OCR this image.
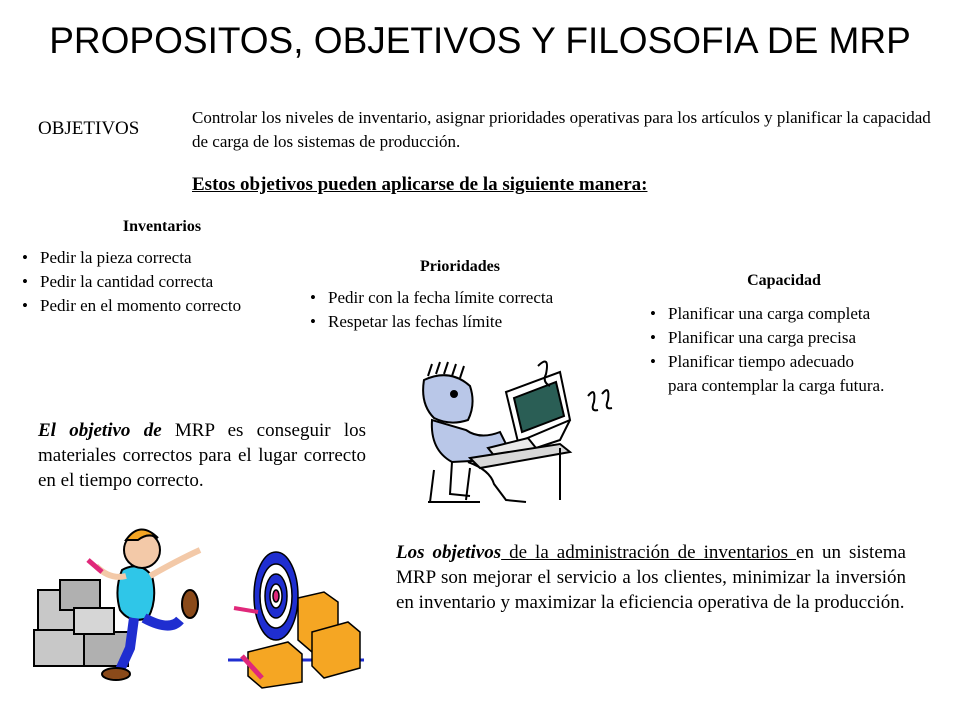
PROPOSITOS, OBJETIVOS Y FILOSOFIA DE MRP
OBJETIVOS
Controlar los niveles de inventario, asignar prioridades operativas para los artículos y planificar la capacidad de carga de los sistemas de producción.
Estos objetivos pueden aplicarse de la siguiente manera:
Inventarios
• Pedir la pieza correcta
• Pedir la cantidad correcta
• Pedir en el momento correcto
Prioridades
• Pedir con la fecha límite correcta
• Respetar las fechas límite
Capacidad
• Planificar una carga completa
• Planificar una carga precisa
• Planificar tiempo adecuado
para contemplar la carga futura.
El objetivo de MRP es conseguir los materiales correctos para el lugar correcto en el tiempo correcto.
Los objetivos de la administración de inventarios en un sistema MRP son mejorar el servicio a los clientes, minimizar la inversión en inventario y maximizar la eficiencia operativa de la producción.
